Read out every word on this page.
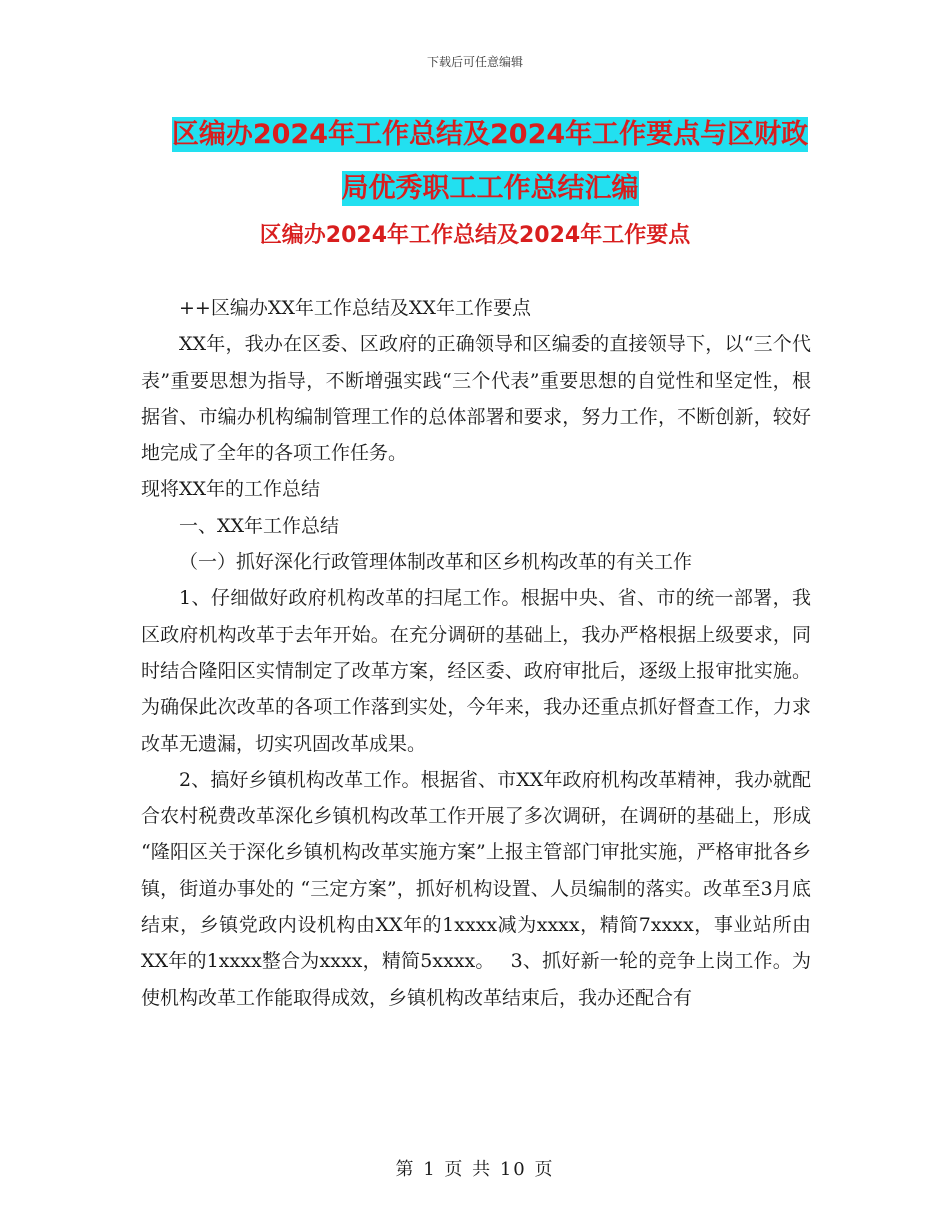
下载后可任意编辑
区编办2024年工作总结及2024年工作要点与区财政
局优秀职工工作总结汇编
区编办2024年工作总结及2024年工作要点

++区编办XX年工作总结及XX年工作要点

XX年，我办在区委、区政府的正确领导和区编委的直接领导下，以“三个代表”重要思想为指导，不断增强实践“三个代表”重要思想的自觉性和坚定性，根据省、市编办机构编制管理工作的总体部署和要求，努力工作，不断创新，较好地完成了全年的各项工作任务。

现将XX年的工作总结

一、XX年工作总结

（一）抓好深化行政管理体制改革和区乡机构改革的有关工作

1、仔细做好政府机构改革的扫尾工作。根据中央、省、市的统一部署，我区政府机构改革于去年开始。在充分调研的基础上，我办严格根据上级要求，同时结合隆阳区实情制定了改革方案，经区委、政府审批后，逐级上报审批实施。为确保此次改革的各项工作落到实处，今年来，我办还重点抓好督查工作，力求改革无遗漏，切实巩固改革成果。

2、搞好乡镇机构改革工作。根据省、市XX年政府机构改革精神，我办就配合农村税费改革深化乡镇机构改革工作开展了多次调研，在调研的基础上，形成 “隆阳区关于深化乡镇机构改革实施方案”上报主管部门审批实施，严格审批各乡镇，街道办事处的 “三定方案”，抓好机构设置、人员编制的落实。改革至3月底结束，乡镇党政内设机构由XX年的1xxxx减为xxxx，精简7xxxx，事业站所由XX年的1xxxx整合为xxxx，精简5xxxx。　 3、抓好新一轮的竞争上岗工作。为使机构改革工作能取得成效，乡镇机构改革结束后，我办还配合有

第 1 页 共 10 页
